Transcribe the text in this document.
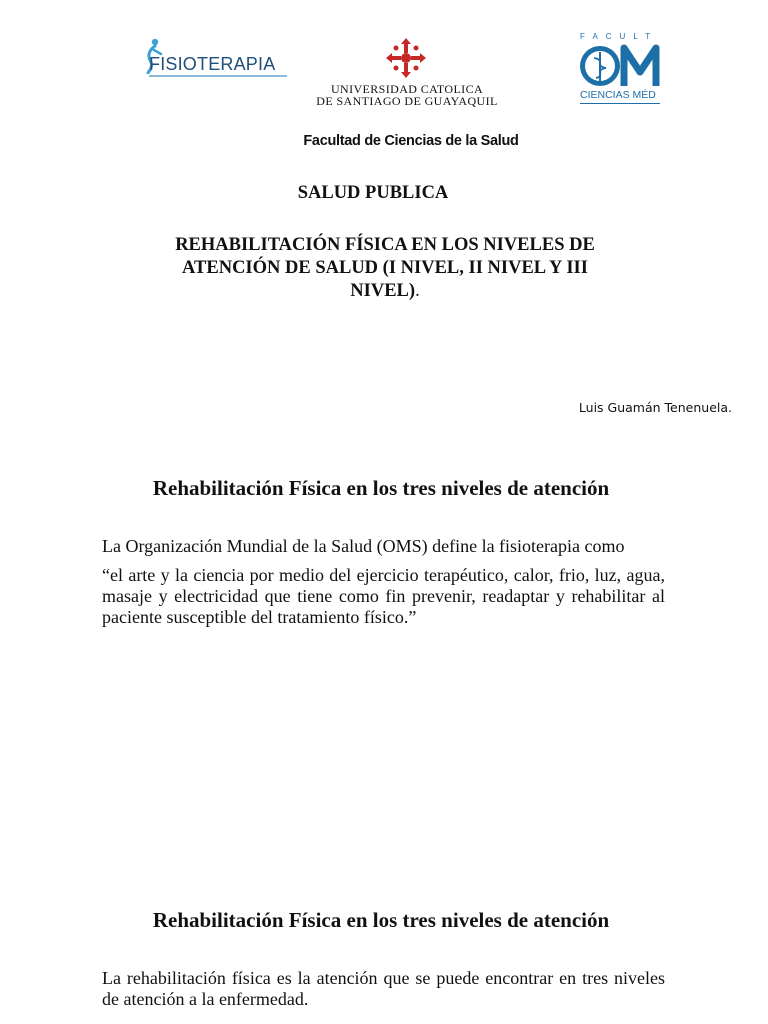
FISIOTERAPIA
UNIVERSIDAD CATOLICA
DE SANTIAGO DE GUAYAQUIL
FACULT
CIENCIAS MÉD
Facultad de Ciencias de la Salud
SALUD PUBLICA
REHABILITACIÓN FÍSICA EN LOS NIVELES DE ATENCIÓN DE SALUD (I NIVEL, II NIVEL Y III NIVEL).
Luis Guamán Tenenuela.
Rehabilitación Física en los tres niveles de atención
La Organización Mundial de la Salud (OMS) define la fisioterapia como
“el arte y la ciencia por medio del ejercicio terapéutico, calor, frio, luz, agua, masaje y electricidad que tiene como fin prevenir, readaptar y rehabilitar al paciente susceptible del tratamiento físico.”
Rehabilitación Física en los tres niveles de atención
La rehabilitación física es la atención que se puede encontrar en tres niveles de atención a la enfermedad.
